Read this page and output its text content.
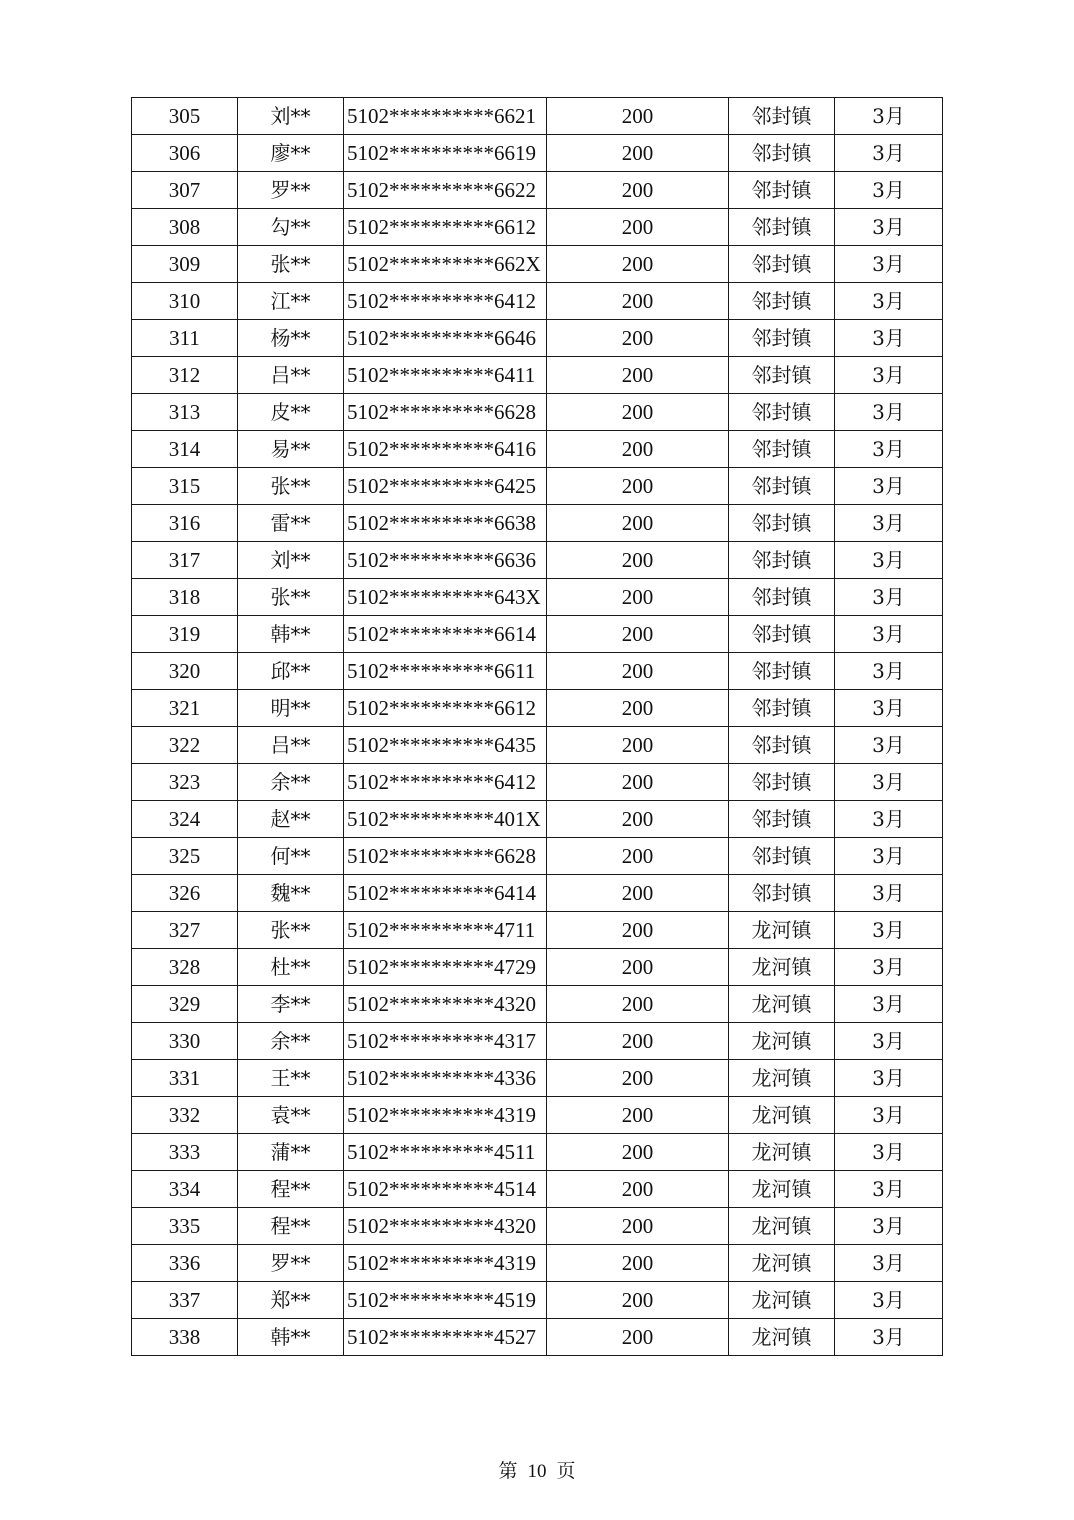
305	刘**	5102**********6621	200	邻封镇	3月
306	廖**	5102**********6619	200	邻封镇	3月
307	罗**	5102**********6622	200	邻封镇	3月
308	勾**	5102**********6612	200	邻封镇	3月
309	张**	5102**********662X	200	邻封镇	3月
310	江**	5102**********6412	200	邻封镇	3月
311	杨**	5102**********6646	200	邻封镇	3月
312	吕**	5102**********6411	200	邻封镇	3月
313	皮**	5102**********6628	200	邻封镇	3月
314	易**	5102**********6416	200	邻封镇	3月
315	张**	5102**********6425	200	邻封镇	3月
316	雷**	5102**********6638	200	邻封镇	3月
317	刘**	5102**********6636	200	邻封镇	3月
318	张**	5102**********643X	200	邻封镇	3月
319	韩**	5102**********6614	200	邻封镇	3月
320	邱**	5102**********6611	200	邻封镇	3月
321	明**	5102**********6612	200	邻封镇	3月
322	吕**	5102**********6435	200	邻封镇	3月
323	余**	5102**********6412	200	邻封镇	3月
324	赵**	5102**********401X	200	邻封镇	3月
325	何**	5102**********6628	200	邻封镇	3月
326	魏**	5102**********6414	200	邻封镇	3月
327	张**	5102**********4711	200	龙河镇	3月
328	杜**	5102**********4729	200	龙河镇	3月
329	李**	5102**********4320	200	龙河镇	3月
330	余**	5102**********4317	200	龙河镇	3月
331	王**	5102**********4336	200	龙河镇	3月
332	袁**	5102**********4319	200	龙河镇	3月
333	蒲**	5102**********4511	200	龙河镇	3月
334	程**	5102**********4514	200	龙河镇	3月
335	程**	5102**********4320	200	龙河镇	3月
336	罗**	5102**********4319	200	龙河镇	3月
337	郑**	5102**********4519	200	龙河镇	3月
338	韩**	5102**********4527	200	龙河镇	3月
第 10 页
